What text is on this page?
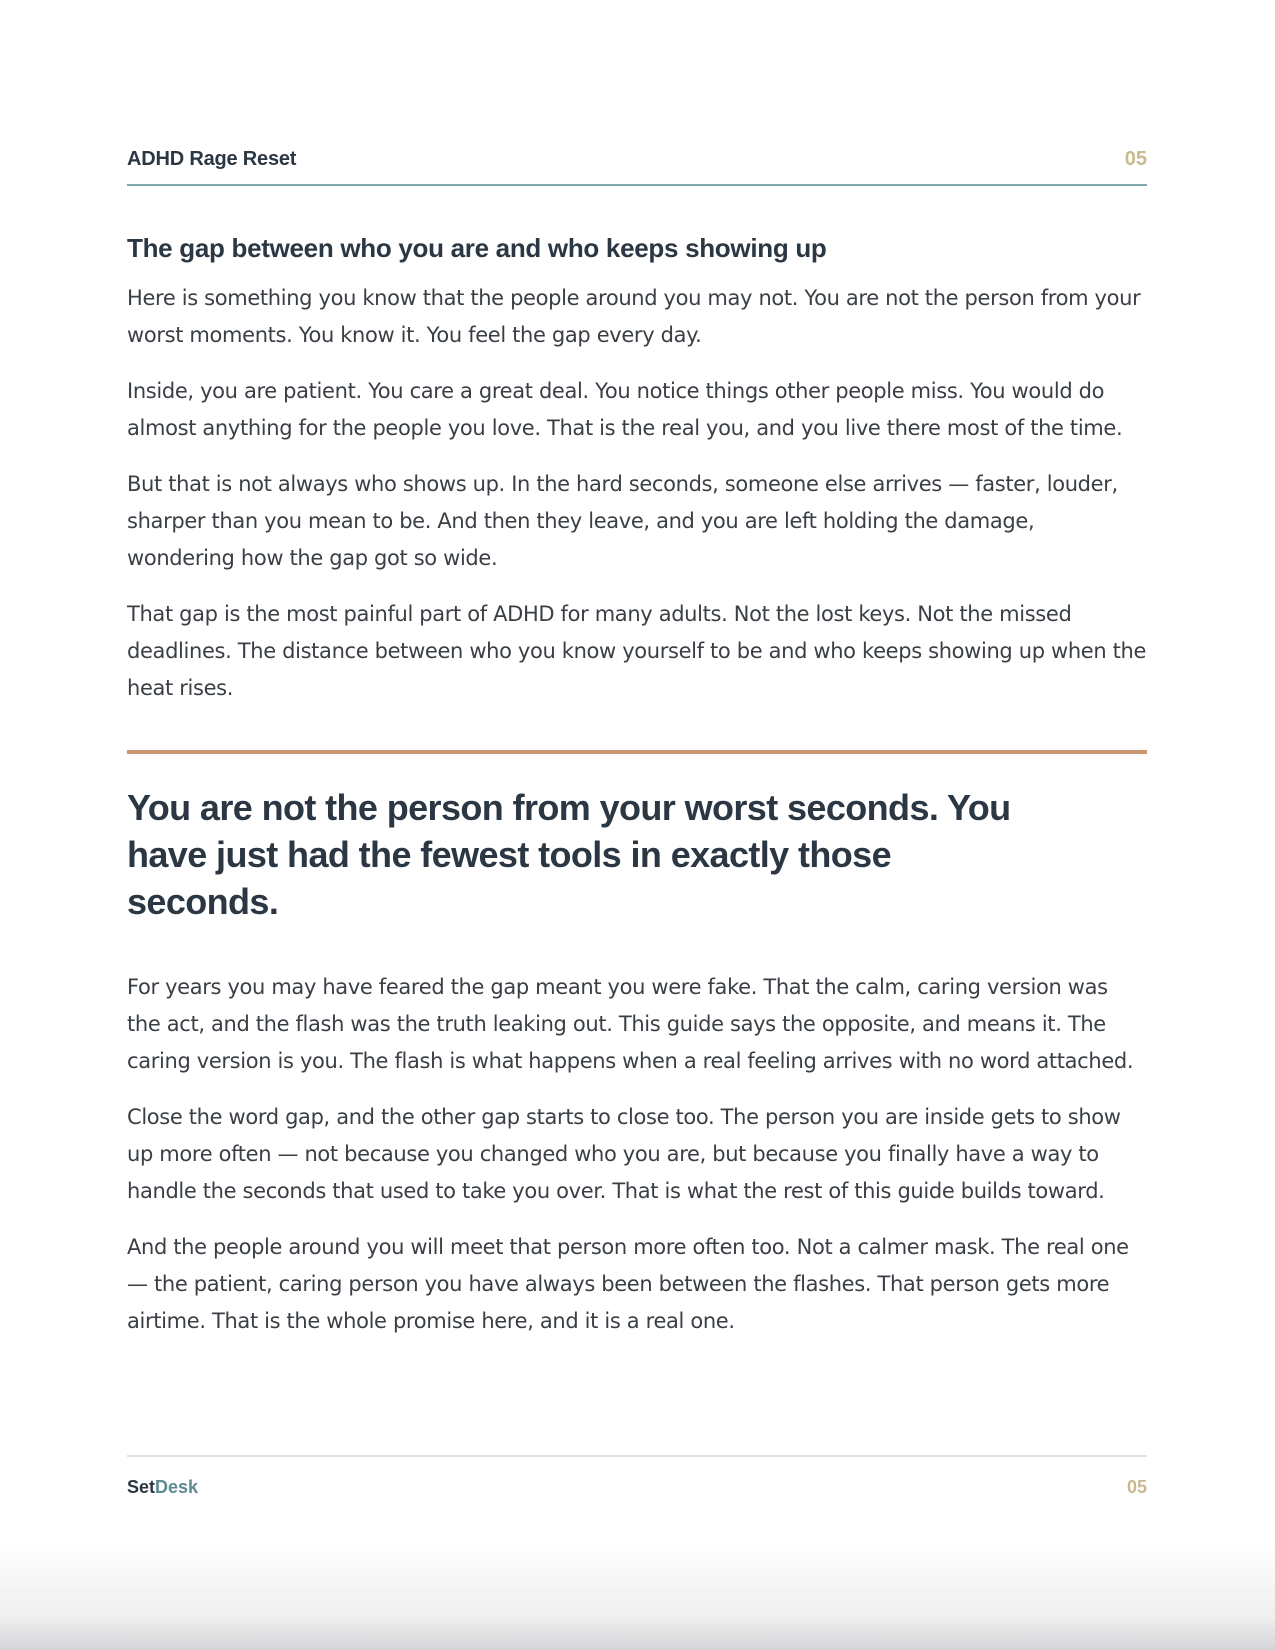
ADHD Rage Reset	05
The gap between who you are and who keeps showing up

Here is something you know that the people around you may not. You are not the person from your worst moments. You know it. You feel the gap every day.

Inside, you are patient. You care a great deal. You notice things other people miss. You would do almost anything for the people you love. That is the real you, and you live there most of the time.

But that is not always who shows up. In the hard seconds, someone else arrives — faster, louder, sharper than you mean to be. And then they leave, and you are left holding the damage, wondering how the gap got so wide.

That gap is the most painful part of ADHD for many adults. Not the lost keys. Not the missed deadlines. The distance between who you know yourself to be and who keeps showing up when the heat rises.

You are not the person from your worst seconds. You have just had the fewest tools in exactly those seconds.

For years you may have feared the gap meant you were fake. That the calm, caring version was the act, and the flash was the truth leaking out. This guide says the opposite, and means it. The caring version is you. The flash is what happens when a real feeling arrives with no word attached.

Close the word gap, and the other gap starts to close too. The person you are inside gets to show up more often — not because you changed who you are, but because you finally have a way to handle the seconds that used to take you over. That is what the rest of this guide builds toward.

And the people around you will meet that person more often too. Not a calmer mask. The real one — the patient, caring person you have always been between the flashes. That person gets more airtime. That is the whole promise here, and it is a real one.

SetDesk	05
